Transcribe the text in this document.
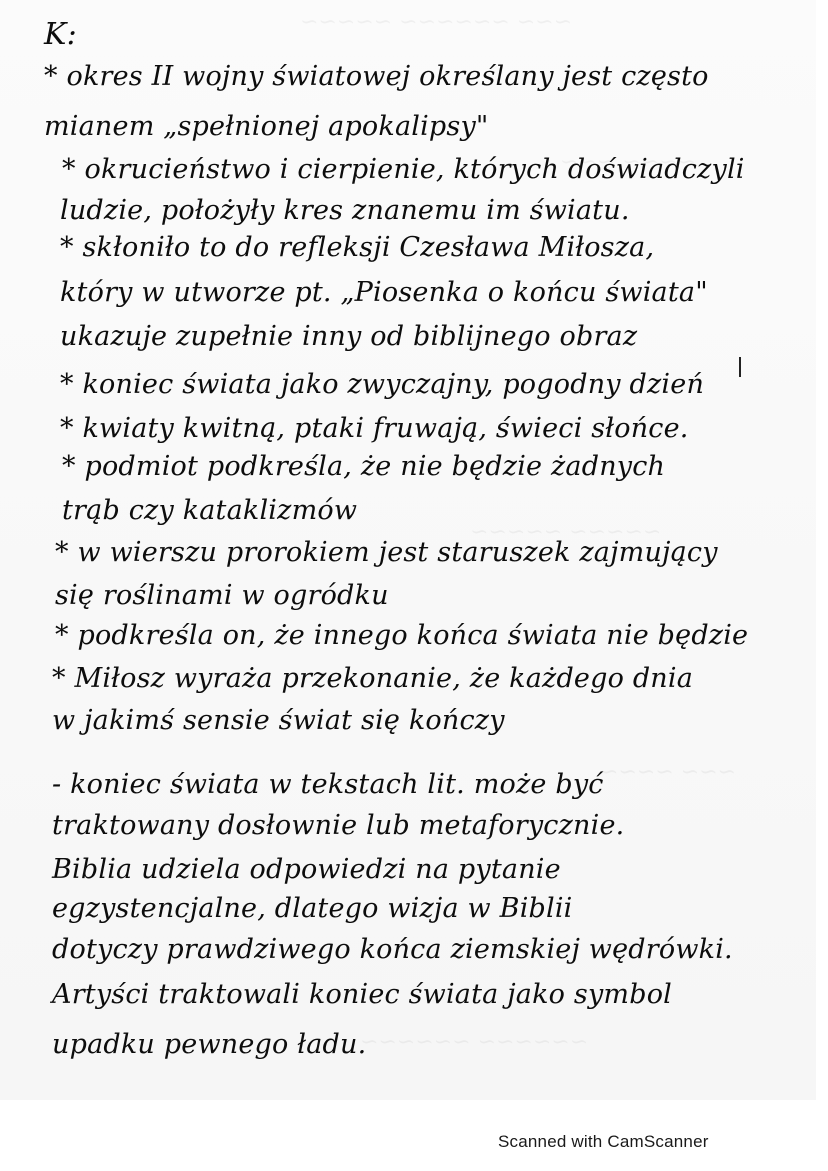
K:
* okres II wojny światowej określany jest często
mianem „spełnionej apokalipsy"
* okrucieństwo i cierpienie, których doświadczyli
ludzie, położyły kres znanemu im światu.
* skłoniło to do refleksji Czesława Miłosza,
który w utworze pt. „Piosenka o końcu świata"
ukazuje zupełnie inny od biblijnego obraz
* koniec świata jako zwyczajny, pogodny dzień
* kwiaty kwitną, ptaki fruwają, świeci słońce.
* podmiot podkreśla, że nie będzie żadnych
trąb czy kataklizmów
* w wierszu prorokiem jest staruszek zajmujący
się roślinami w ogródku
* podkreśla on, że innego końca świata nie będzie
* Miłosz wyraża przekonanie, że każdego dnia
w jakimś sensie świat się kończy
- koniec świata w tekstach lit. może być
traktowany dosłownie lub metaforycznie.
Biblia udziela odpowiedzi na pytanie
egzystencjalne, dlatego wizja w Biblii
dotyczy prawdziwego końca ziemskiej wędrówki.
Artyści traktowali koniec świata jako symbol
upadku pewnego ładu.
Scanned with CamScanner
